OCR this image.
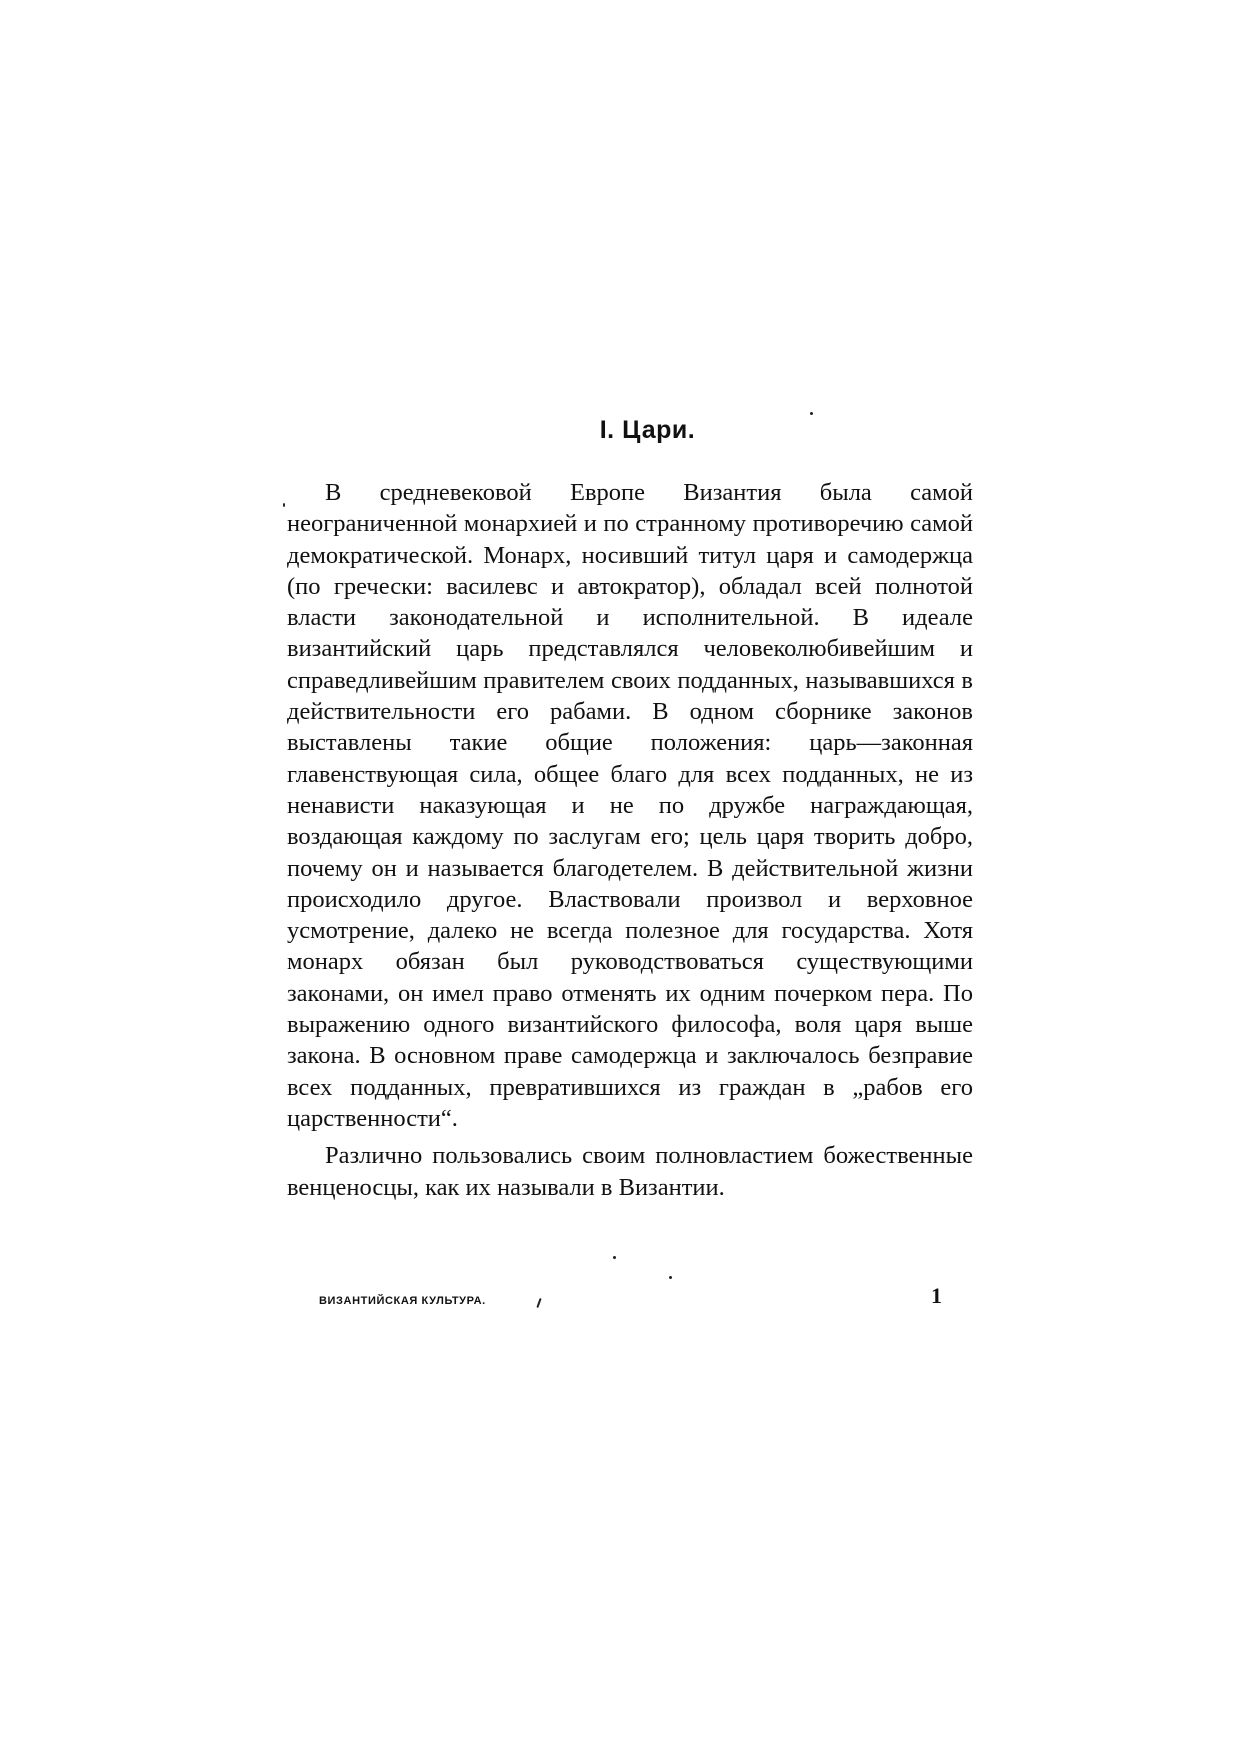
I. Цари.

В средневековой Европе Византия была самой неограниченной монархией и по странному противоречию самой демократической. Монарх, носивший титул царя и самодержца (по гречески: василевс и автократор), обладал всей полнотой власти законодательной и исполнительной. В идеале византийский царь представлялся человеколюбивейшим и справедливейшим правителем своих подданных, называвшихся в действительности его рабами. В одном сборнике законов выставлены такие общие положения: царь—законная главенствующая сила, общее благо для всех подданных, не из ненависти наказующая и не по дружбе награждающая, воздающая каждому по заслугам его; цель царя творить добро, почему он и называется благодетелем. В действительной жизни происходило другое. Властвовали произвол и верховное усмотрение, далеко не всегда полезное для государства. Хотя монарх обязан был руководствоваться существующими законами, он имел право отменять их одним почерком пера. По выражению одного византийского философа, воля царя выше закона. В основном праве самодержца и заключалось безправие всех подданных, превратившихся из граждан в „рабов его царственности“.

Различно пользовались своим полновластием божественные венценосцы, как их называли в Византии.

ВИЗАНТИЙСКАЯ КУЛЬТУРА.	1
